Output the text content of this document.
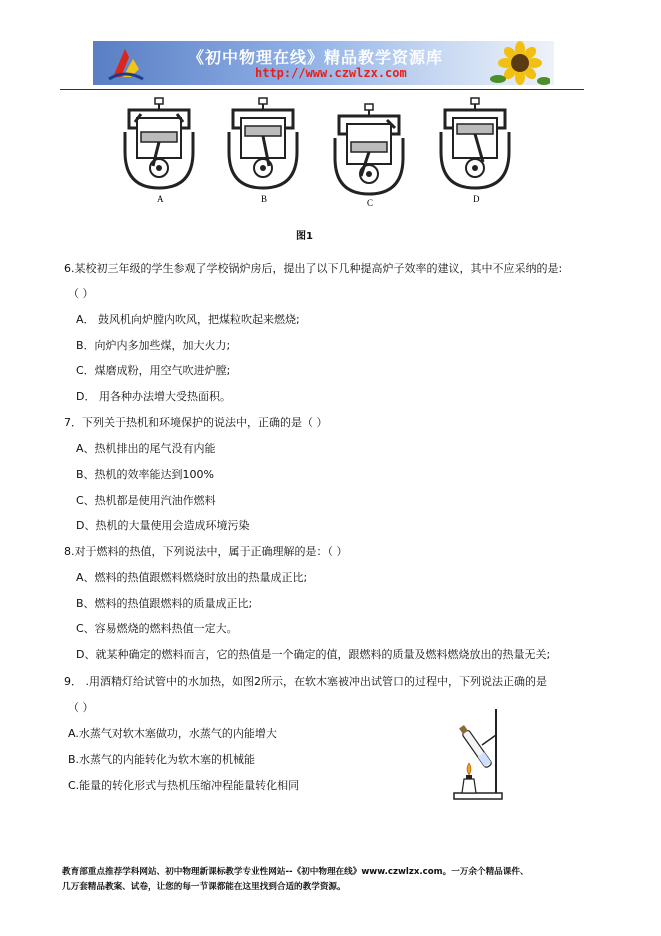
《初中物理在线》精品教学资源库
http://www.czwlzx.com
A	B	C	D
图1
6.某校初三年级的学生参观了学校锅炉房后，提出了以下几种提高炉子效率的建议，其中不应采纳的是:
（ ）
A． 鼓风机向炉膛内吹风，把煤粒吹起来燃烧;
B．向炉内多加些煤，加大火力;
C．煤磨成粉，用空气吹进炉膛;
D． 用各种办法增大受热面积。
7．下列关于热机和环境保护的说法中，正确的是（ ）
A、热机排出的尾气没有内能
B、热机的效率能达到100%
C、热机都是使用汽油作燃料
D、热机的大量使用会造成环境污染
8.对于燃料的热值，下列说法中，属于正确理解的是：（ ）
A、燃料的热值跟燃料燃烧时放出的热量成正比;
B、燃料的热值跟燃料的质量成正比;
C、容易燃烧的燃料热值一定大。
D、就某种确定的燃料而言，它的热值是一个确定的值，跟燃料的质量及燃料燃烧放出的热量无关;
9． .用酒精灯给试管中的水加热，如图2所示，在软木塞被冲出试管口的过程中，下列说法正确的是
（ ）
A.水蒸气对软木塞做功，水蒸气的内能增大
B.水蒸气的内能转化为软木塞的机械能
C.能量的转化形式与热机压缩冲程能量转化相同
教育部重点推荐学科网站、初中物理新课标教学专业性网站--《初中物理在线》www.czwlzx.com。一万余个精品课件、
几万套精品教案、试卷，让您的每一节课都能在这里找到合适的教学资源。
